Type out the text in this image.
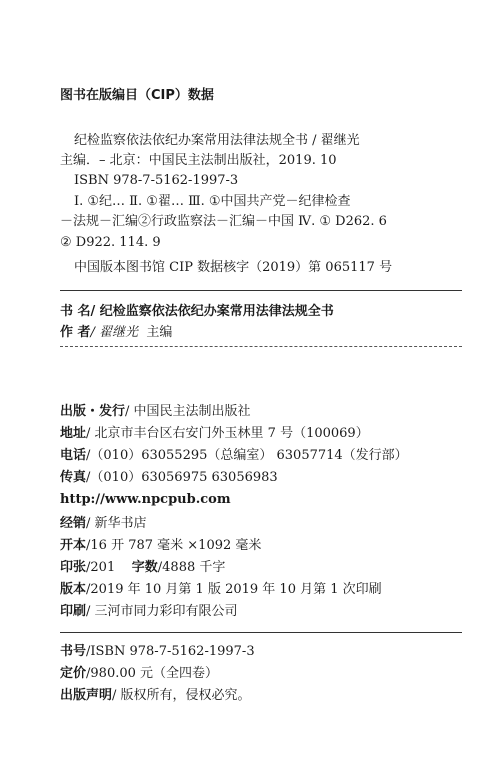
图书在版编目（CIP）数据
纪检监察依法依纪办案常用法律法规全书 / 翟继光
主编．– 北京：中国民主法制出版社，2019. 10
ISBN 978-7-5162-1997-3
Ⅰ. ①纪… Ⅱ. ①翟… Ⅲ. ①中国共产党－纪律检查
－法规－汇编②行政监察法－汇编－中国 Ⅳ. ① D262. 6
② D922. 114. 9
中国版本图书馆 CIP 数据核字（2019）第 065117 号
书 名/ 纪检监察依法依纪办案常用法律法规全书
作 者/ 翟继光 主编
出版・发行/ 中国民主法制出版社
地址/ 北京市丰台区右安门外玉林里 7 号（100069）
电话/（010）63055295（总编室） 63057714（发行部）
传真/（010）63056975 63056983
http://www.npcpub.com
经销/ 新华书店
开本/16 开 787 毫米 ×1092 毫米
印张/201 字数/4888 千字
版本/2019 年 10 月第 1 版 2019 年 10 月第 1 次印刷
印刷/ 三河市同力彩印有限公司
书号/ISBN 978-7-5162-1997-3
定价/980.00 元（全四卷）
出版声明/ 版权所有，侵权必究。
